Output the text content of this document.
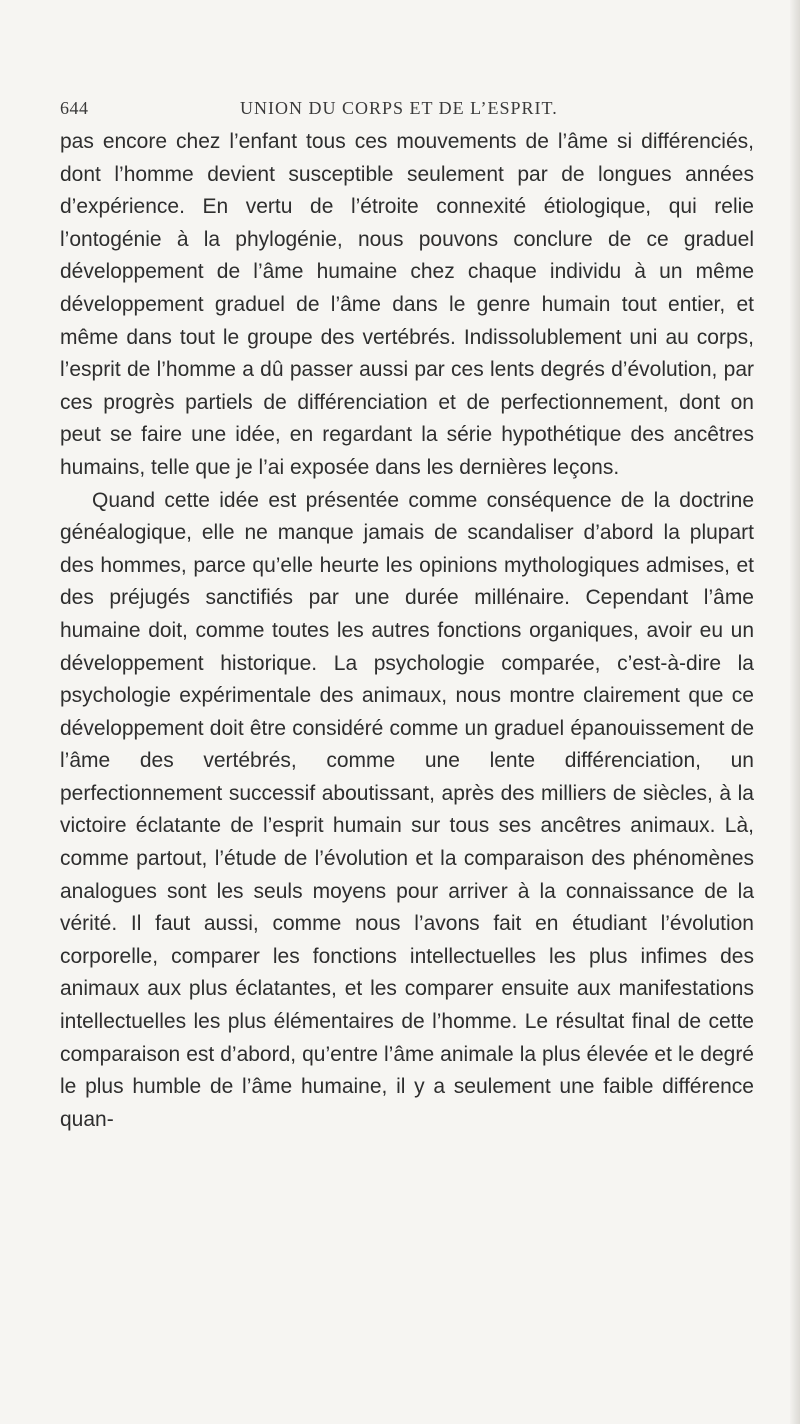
644	UNION DU CORPS ET DE L’ESPRIT.

pas encore chez l’enfant tous ces mouvements de l’âme si différenciés, dont l’homme devient susceptible seulement par de longues années d’expérience. En vertu de l’étroite connexité étiologique, qui relie l’ontogénie à la phylogénie, nous pouvons conclure de ce graduel développement de l’âme humaine chez chaque individu à un même développement graduel de l’âme dans le genre humain tout entier, et même dans tout le groupe des vertébrés. Indissolublement uni au corps, l’esprit de l’homme a dû passer aussi par ces lents degrés d’évolution, par ces progrès partiels de différenciation et de perfectionnement, dont on peut se faire une idée, en regardant la série hypothétique des ancêtres humains, telle que je l’ai exposée dans les dernières leçons.

Quand cette idée est présentée comme conséquence de la doctrine généalogique, elle ne manque jamais de scandaliser d’abord la plupart des hommes, parce qu’elle heurte les opinions mythologiques admises, et des préjugés sanctifiés par une durée millénaire. Cependant l’âme humaine doit, comme toutes les autres fonctions organiques, avoir eu un développement historique. La psychologie comparée, c’est-à-dire la psychologie expérimentale des animaux, nous montre clairement que ce développement doit être considéré comme un graduel épanouissement de l’âme des vertébrés, comme une lente différenciation, un perfectionnement successif aboutissant, après des milliers de siècles, à la victoire éclatante de l’esprit humain sur tous ses ancêtres animaux. Là, comme partout, l’étude de l’évolution et la comparaison des phénomènes analogues sont les seuls moyens pour arriver à la connaissance de la vérité. Il faut aussi, comme nous l’avons fait en étudiant l’évolution corporelle, comparer les fonctions intellectuelles les plus infimes des animaux aux plus éclatantes, et les comparer ensuite aux manifestations intellectuelles les plus élémentaires de l’homme. Le résultat final de cette comparaison est d’abord, qu’entre l’âme animale la plus élevée et le degré le plus humble de l’âme humaine, il y a seulement une faible différence quan-
